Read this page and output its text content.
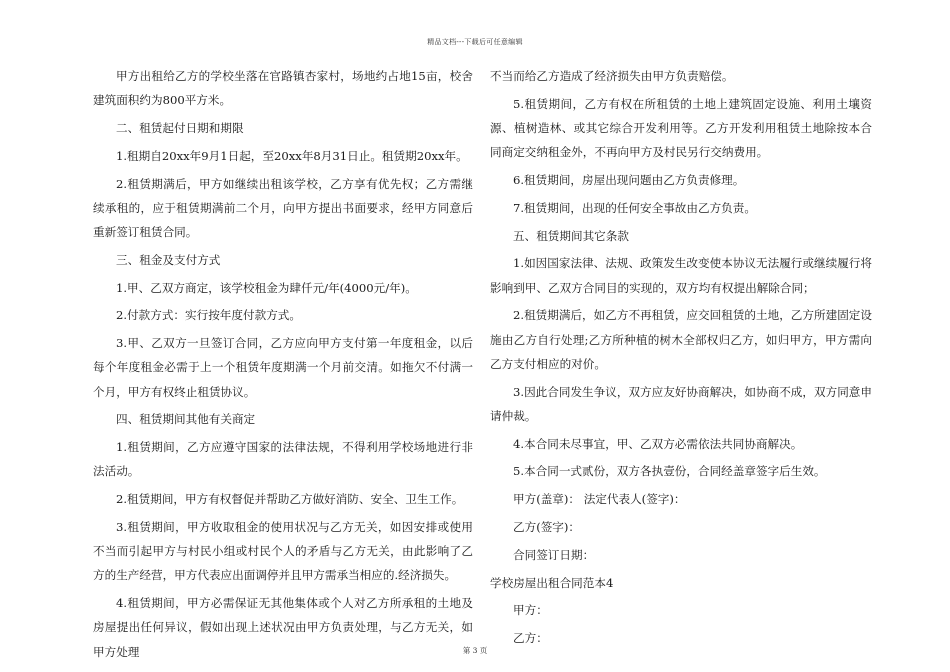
精品文档---下载后可任意编辑

甲方出租给乙方的学校坐落在官路镇杏家村，场地约占地15亩，校舍建筑面积约为800平方米。

二、租赁起付日期和期限

1.租期自20xx年9月1日起，至20xx年8月31日止。租赁期20xx年。

2.租赁期满后，甲方如继续出租该学校，乙方享有优先权；乙方需继续承租的，应于租赁期满前二个月，向甲方提出书面要求，经甲方同意后重新签订租赁合同。

三、租金及支付方式

1.甲、乙双方商定，该学校租金为肆仟元/年(4000元/年)。

2.付款方式：实行按年度付款方式。

3.甲、乙双方一旦签订合同，乙方应向甲方支付第一年度租金，以后每个年度租金必需于上一个租赁年度期满一个月前交清。如拖欠不付满一个月，甲方有权终止租赁协议。

四、租赁期间其他有关商定

1.租赁期间，乙方应遵守国家的法律法规，不得利用学校场地进行非法活动。

2.租赁期间，甲方有权督促并帮助乙方做好消防、安全、卫生工作。

3.租赁期间，甲方收取租金的使用状况与乙方无关，如因安排或使用不当而引起甲方与村民小组或村民个人的矛盾与乙方无关，由此影响了乙方的生产经营，甲方代表应出面调停并且甲方需承当相应的.经济损失。

4.租赁期间，甲方必需保证无其他集体或个人对乙方所承租的土地及房屋提出任何异议，假如出现上述状况由甲方负责处理，与乙方无关，如甲方处理

不当而给乙方造成了经济损失由甲方负责赔偿。

5.租赁期间，乙方有权在所租赁的土地上建筑固定设施、利用土壤资源、植树造林、或其它综合开发利用等。乙方开发利用租赁土地除按本合同商定交纳租金外，不再向甲方及村民另行交纳费用。

6.租赁期间，房屋出现问题由乙方负责修理。

7.租赁期间，出现的任何安全事故由乙方负责。

五、租赁期间其它条款

1.如因国家法律、法规、政策发生改变使本协议无法履行或继续履行将影响到甲、乙双方合同目的实现的，双方均有权提出解除合同；

2.租赁期满后，如乙方不再租赁，应交回租赁的土地，乙方所建固定设施由乙方自行处理;乙方所种植的树木全部权归乙方，如归甲方，甲方需向乙方支付相应的对价。

3.因此合同发生争议，双方应友好协商解决，如协商不成，双方同意申请仲裁。

4.本合同未尽事宜，甲、乙双方必需依法共同协商解决。

5.本合同一式贰份，双方各执壹份，合同经盖章签字后生效。

甲方(盖章)： 法定代表人(签字)：

乙方(签字)：

合同签订日期：

学校房屋出租合同范本4

甲方：

乙方：

第 3 页
